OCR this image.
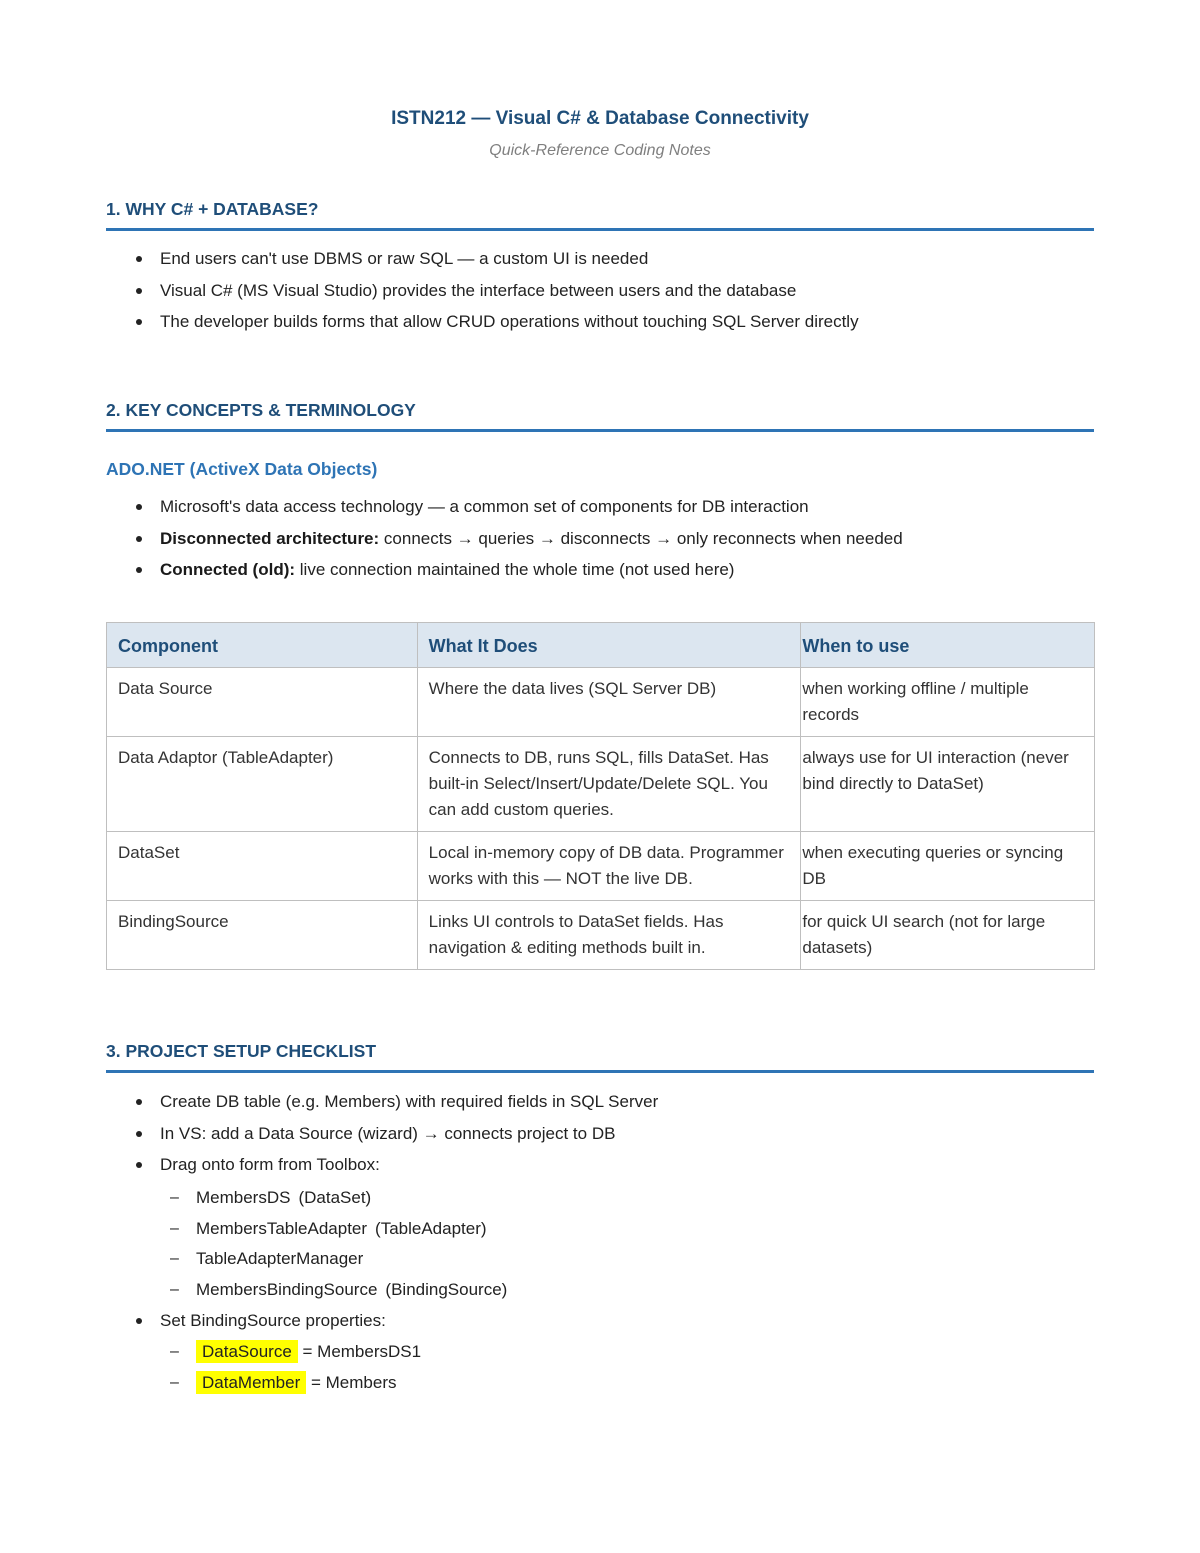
ISTN212 — Visual C# & Database Connectivity
Quick-Reference Coding Notes
1. WHY C# + DATABASE?
End users can't use DBMS or raw SQL — a custom UI is needed
Visual C# (MS Visual Studio) provides the interface between users and the database
The developer builds forms that allow CRUD operations without touching SQL Server directly
2. KEY CONCEPTS & TERMINOLOGY
ADO.NET (ActiveX Data Objects)
Microsoft's data access technology — a common set of components for DB interaction
Disconnected architecture: connects → queries → disconnects → only reconnects when needed
Connected (old): live connection maintained the whole time (not used here)
Component	What It Does	When to use
Data Source	Where the data lives (SQL Server DB)	when working offline / multiple records
Data Adaptor (TableAdapter)	Connects to DB, runs SQL, fills DataSet. Has built-in Select/Insert/Update/Delete SQL. You can add custom queries.	always use for UI interaction (never bind directly to DataSet)
DataSet	Local in-memory copy of DB data. Programmer works with this — NOT the live DB.	when executing queries or syncing DB
BindingSource	Links UI controls to DataSet fields. Has navigation & editing methods built in.	for quick UI search (not for large datasets)
3. PROJECT SETUP CHECKLIST
Create DB table (e.g. Members) with required fields in SQL Server
In VS: add a Data Source (wizard) → connects project to DB
Drag onto form from Toolbox:
– MembersDS (DataSet)
– MembersTableAdapter (TableAdapter)
– TableAdapterManager
– MembersBindingSource (BindingSource)
Set BindingSource properties:
– DataSource = MembersDS1
– DataMember = Members
